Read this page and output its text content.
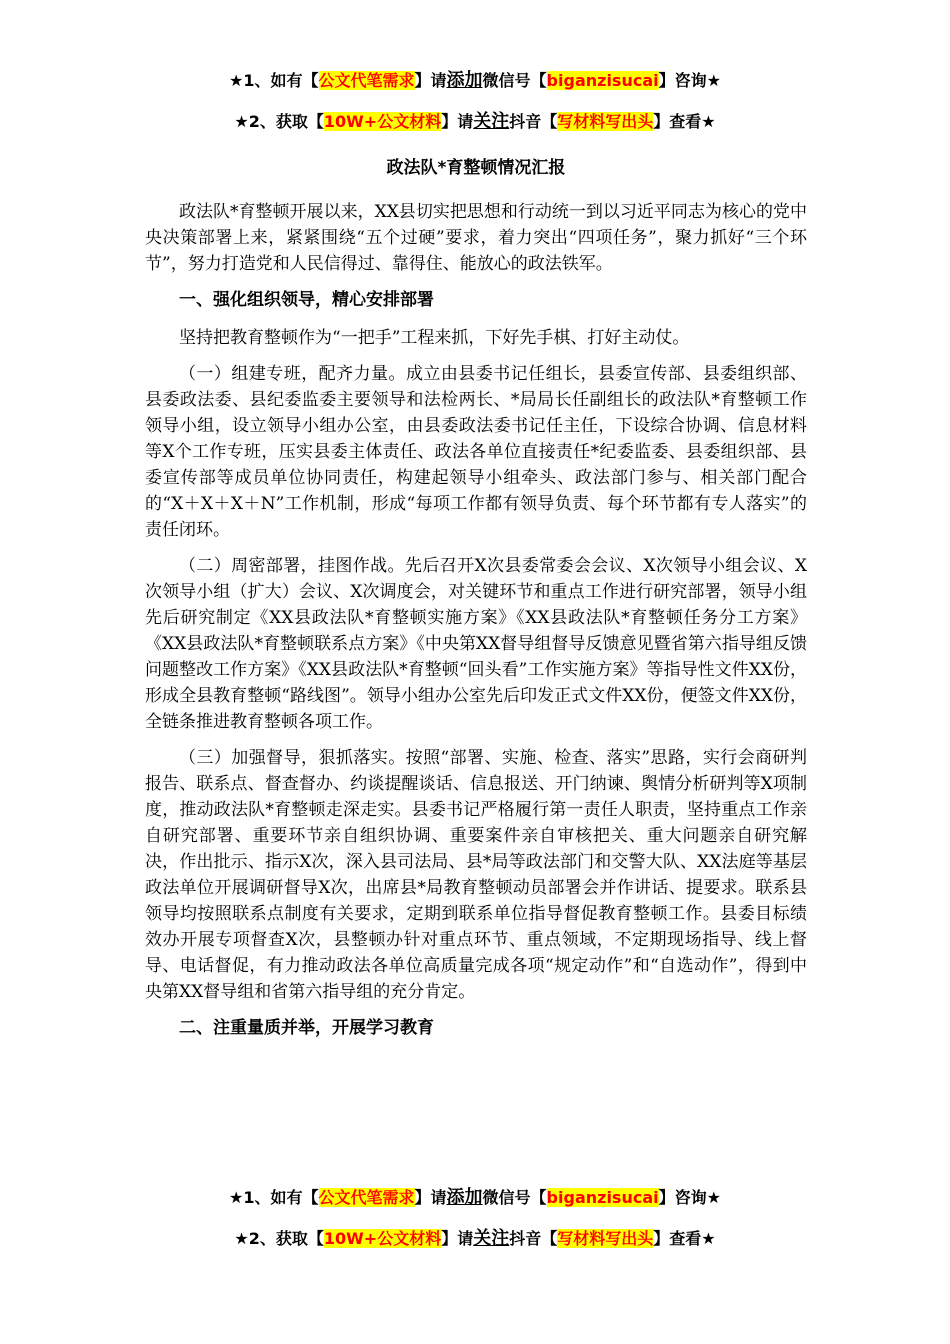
★1、如有【公文代笔需求】请添加微信号【biganzisucai】咨询★
★2、获取【10W+公文材料】请关注抖音【写材料写出头】查看★
政法队*育整顿情况汇报

政法队*育整顿开展以来，XX县切实把思想和行动统一到以习近平同志为核心的党中央决策部署上来，紧紧围绕“五个过硬”要求，着力突出“四项任务”，聚力抓好“三个环节”，努力打造党和人民信得过、靠得住、能放心的政法铁军。

一、强化组织领导，精心安排部署

坚持把教育整顿作为“一把手”工程来抓，下好先手棋、打好主动仗。

（一）组建专班，配齐力量。成立由县委书记任组长，县委宣传部、县委组织部、县委政法委、县纪委监委主要领导和法检两长、*局局长任副组长的政法队*育整顿工作领导小组，设立领导小组办公室，由县委政法委书记任主任，下设综合协调、信息材料等X个工作专班，压实县委主体责任、政法各单位直接责任*纪委监委、县委组织部、县委宣传部等成员单位协同责任，构建起领导小组牵头、政法部门参与、相关部门配合的“X＋X＋X＋N”工作机制，形成“每项工作都有领导负责、每个环节都有专人落实”的责任闭环。

（二）周密部署，挂图作战。先后召开X次县委常委会会议、X次领导小组会议、X次领导小组（扩大）会议、X次调度会，对关键环节和重点工作进行研究部署，领导小组先后研究制定《XX县政法队*育整顿实施方案》《XX县政法队*育整顿任务分工方案》《XX县政法队*育整顿联系点方案》《中央第XX督导组督导反馈意见暨省第六指导组反馈问题整改工作方案》《XX县政法队*育整顿“回头看”工作实施方案》等指导性文件XX份，形成全县教育整顿“路线图”。领导小组办公室先后印发正式文件XX份，便签文件XX份，全链条推进教育整顿各项工作。

（三）加强督导，狠抓落实。按照“部署、实施、检查、落实”思路，实行会商研判报告、联系点、督查督办、约谈提醒谈话、信息报送、开门纳谏、舆情分析研判等X项制度，推动政法队*育整顿走深走实。县委书记严格履行第一责任人职责，坚持重点工作亲自研究部署、重要环节亲自组织协调、重要案件亲自审核把关、重大问题亲自研究解决，作出批示、指示X次，深入县司法局、县*局等政法部门和交警大队、XX法庭等基层政法单位开展调研督导X次，出席县*局教育整顿动员部署会并作讲话、提要求。联系县领导均按照联系点制度有关要求，定期到联系单位指导督促教育整顿工作。县委目标绩效办开展专项督查X次，县整顿办针对重点环节、重点领域，不定期现场指导、线上督导、电话督促，有力推动政法各单位高质量完成各项“规定动作”和“自选动作”，得到中央第XX督导组和省第六指导组的充分肯定。

二、注重量质并举，开展学习教育
★1、如有【公文代笔需求】请添加微信号【biganzisucai】咨询★
★2、获取【10W+公文材料】请关注抖音【写材料写出头】查看★
